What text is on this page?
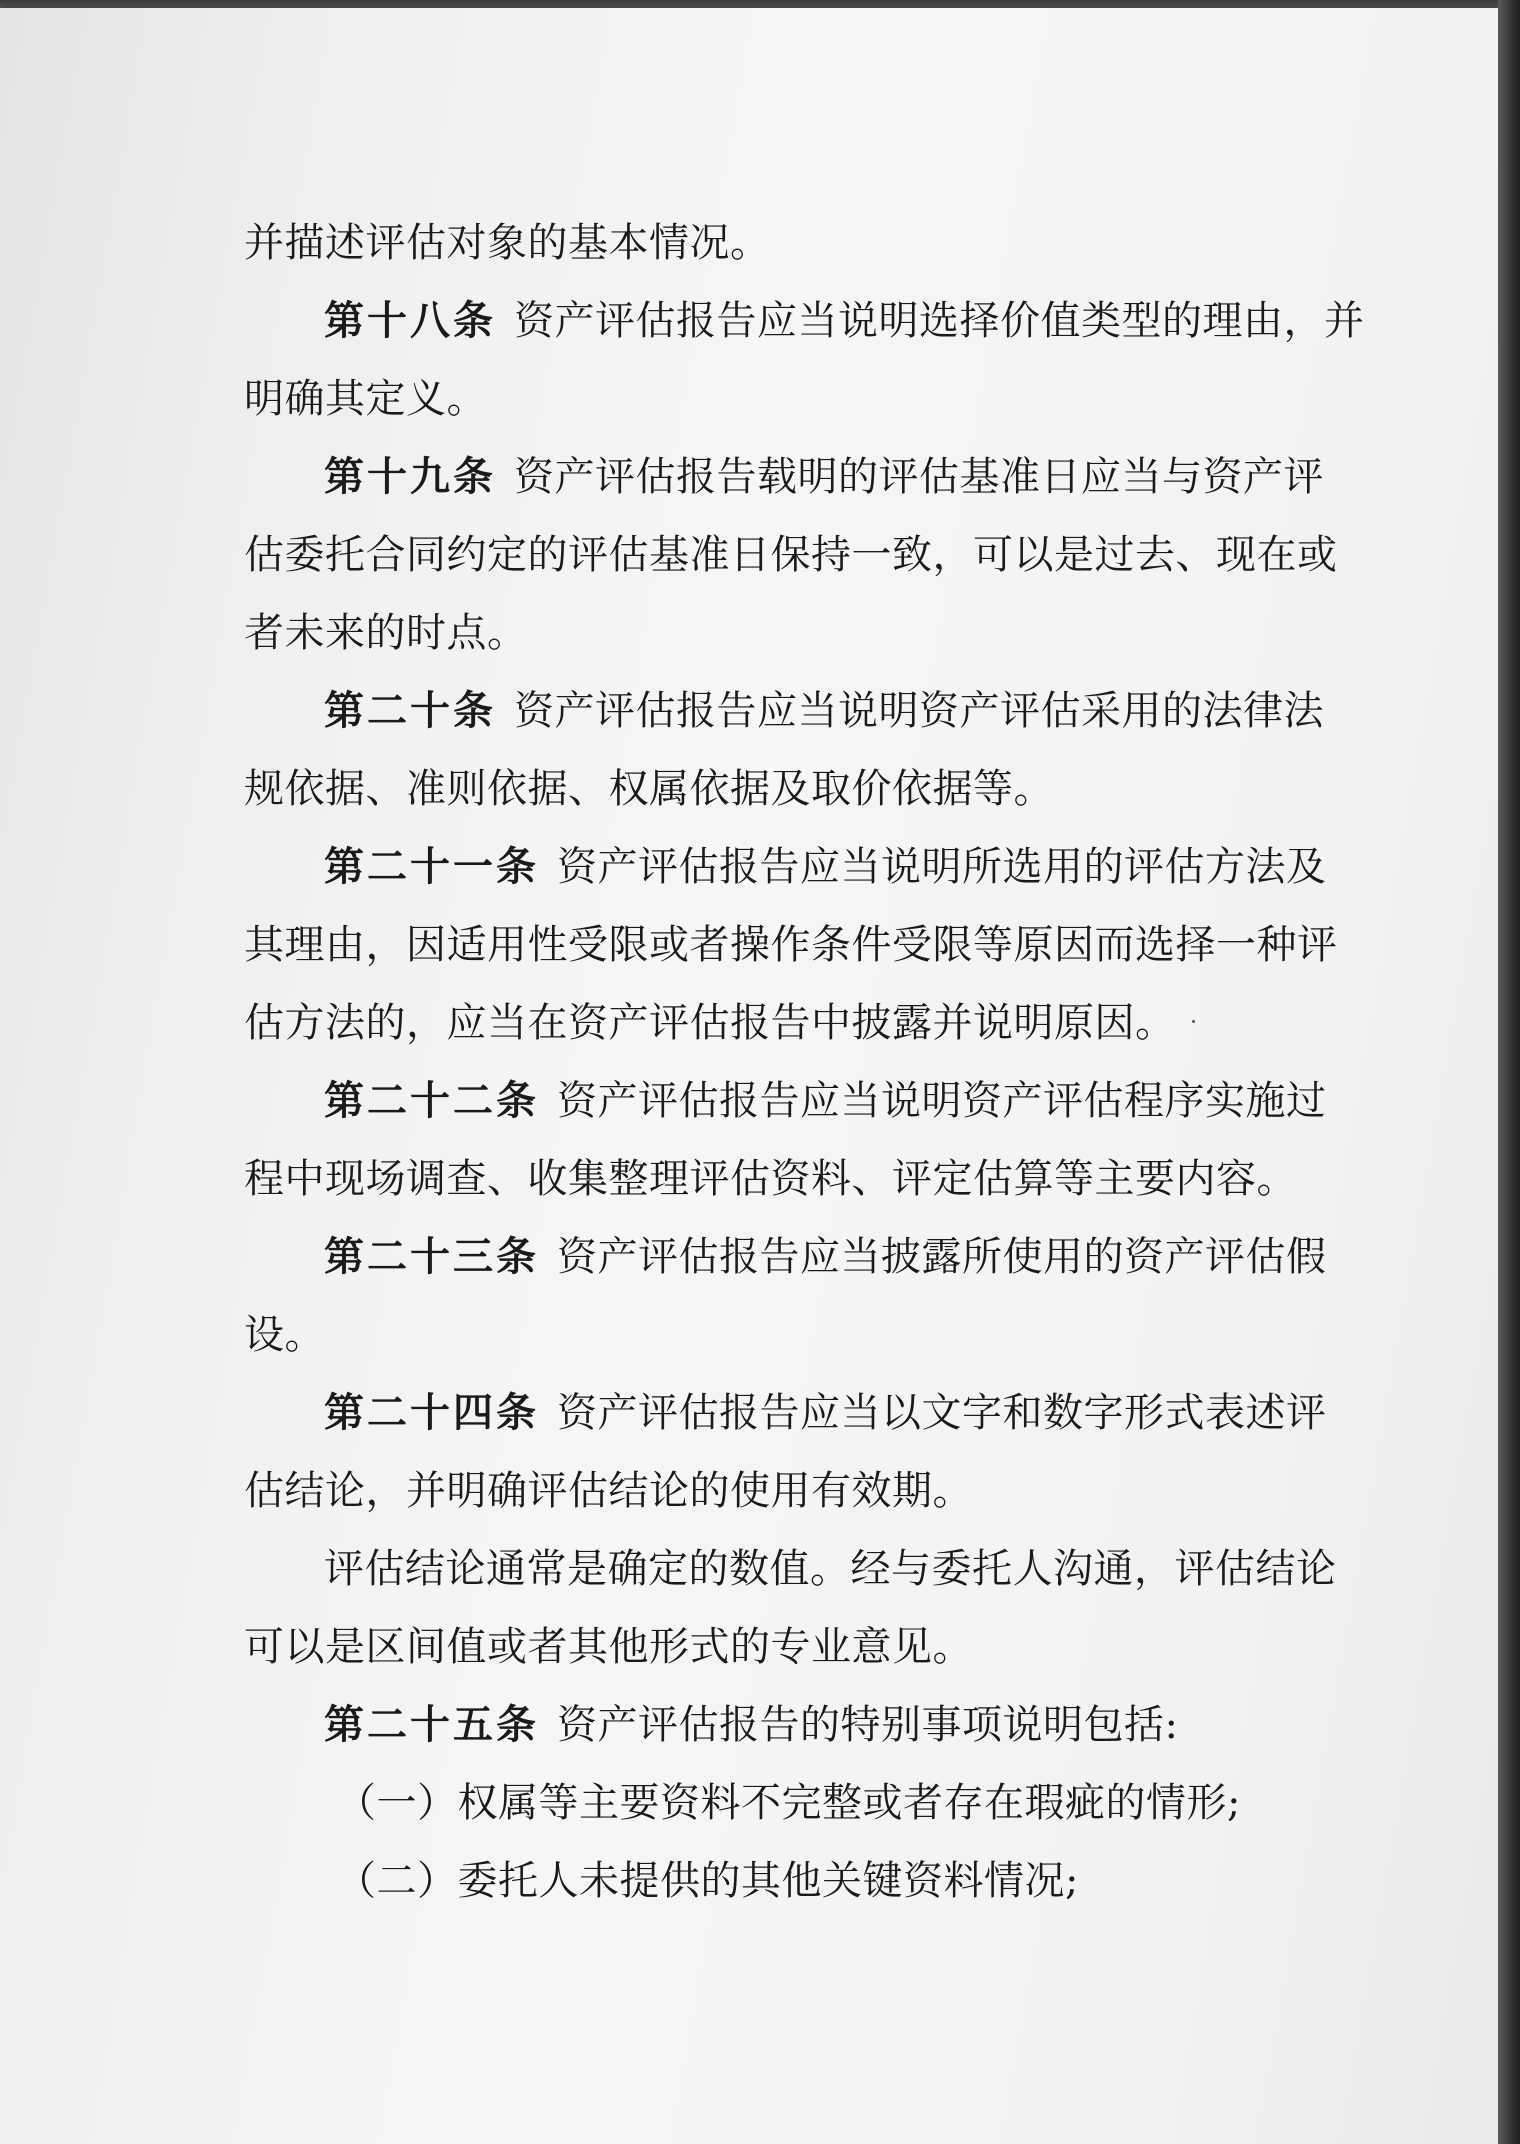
并描述评估对象的基本情况。
第十八条 资产评估报告应当说明选择价值类型的理由，并
明确其定义。
第十九条 资产评估报告载明的评估基准日应当与资产评
估委托合同约定的评估基准日保持一致，可以是过去、现在或
者未来的时点。
第二十条 资产评估报告应当说明资产评估采用的法律法
规依据、准则依据、权属依据及取价依据等。
第二十一条 资产评估报告应当说明所选用的评估方法及
其理由，因适用性受限或者操作条件受限等原因而选择一种评
估方法的，应当在资产评估报告中披露并说明原因。
第二十二条 资产评估报告应当说明资产评估程序实施过
程中现场调查、收集整理评估资料、评定估算等主要内容。
第二十三条 资产评估报告应当披露所使用的资产评估假
设。
第二十四条 资产评估报告应当以文字和数字形式表述评
估结论，并明确评估结论的使用有效期。
评估结论通常是确定的数值。经与委托人沟通，评估结论
可以是区间值或者其他形式的专业意见。
第二十五条 资产评估报告的特别事项说明包括:
（一）权属等主要资料不完整或者存在瑕疵的情形;
（二）委托人未提供的其他关键资料情况;
